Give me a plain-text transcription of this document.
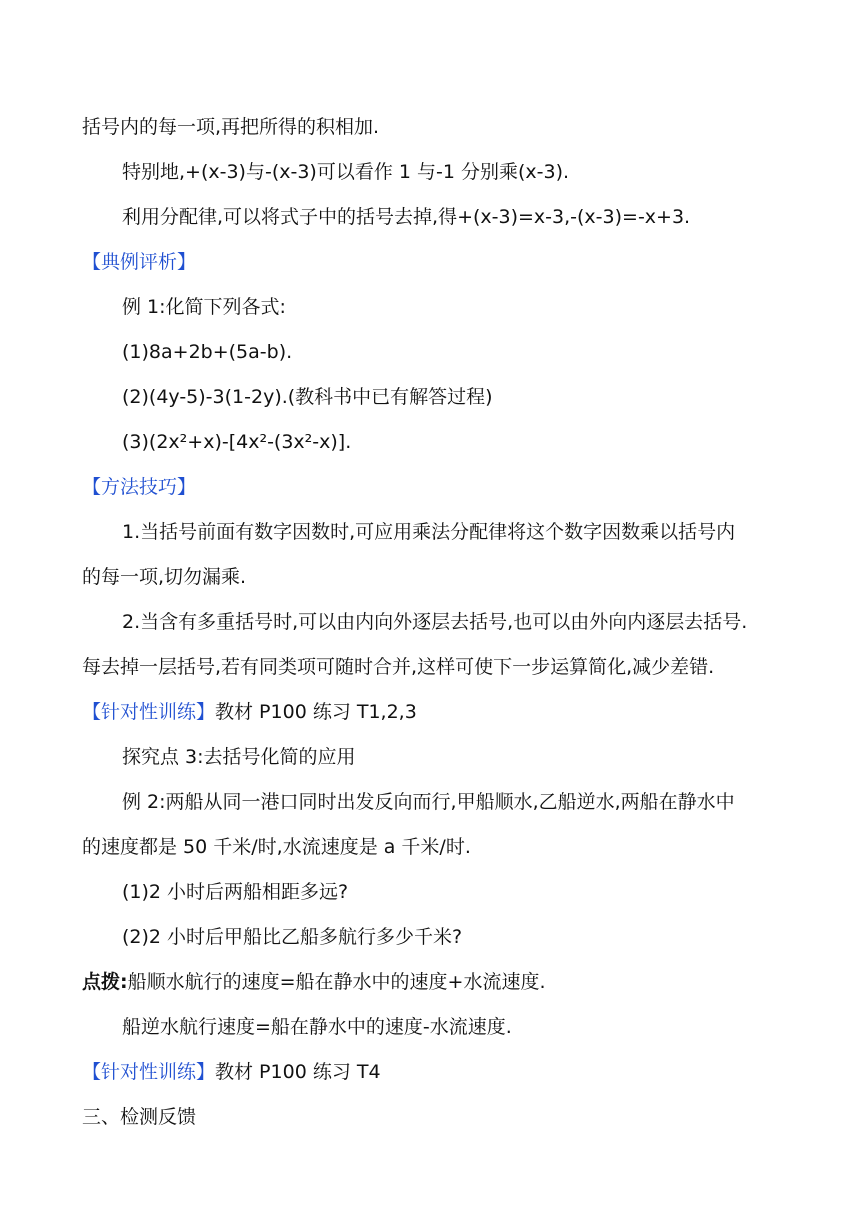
括号内的每一项,再把所得的积相加.
特别地,+(x-3)与-(x-3)可以看作 1 与-1 分别乘(x-3).
利用分配律,可以将式子中的括号去掉,得+(x-3)=x-3,-(x-3)=-x+3.
【典例评析】
例 1:化简下列各式:
(1)8a+2b+(5a-b).
(2)(4y-5)-3(1-2y).(教科书中已有解答过程)
(3)(2x²+x)-[4x²-(3x²-x)].
【方法技巧】
1.当括号前面有数字因数时,可应用乘法分配律将这个数字因数乘以括号内
的每一项,切勿漏乘.
2.当含有多重括号时,可以由内向外逐层去括号,也可以由外向内逐层去括号.
每去掉一层括号,若有同类项可随时合并,这样可使下一步运算简化,减少差错.
【针对性训练】教材 P100 练习 T1,2,3
探究点 3:去括号化简的应用
例 2:两船从同一港口同时出发反向而行,甲船顺水,乙船逆水,两船在静水中
的速度都是 50 千米/时,水流速度是 a 千米/时.
(1)2 小时后两船相距多远?
(2)2 小时后甲船比乙船多航行多少千米?
点拨:船顺水航行的速度=船在静水中的速度+水流速度.
船逆水航行速度=船在静水中的速度-水流速度.
【针对性训练】教材 P100 练习 T4
三、检测反馈
